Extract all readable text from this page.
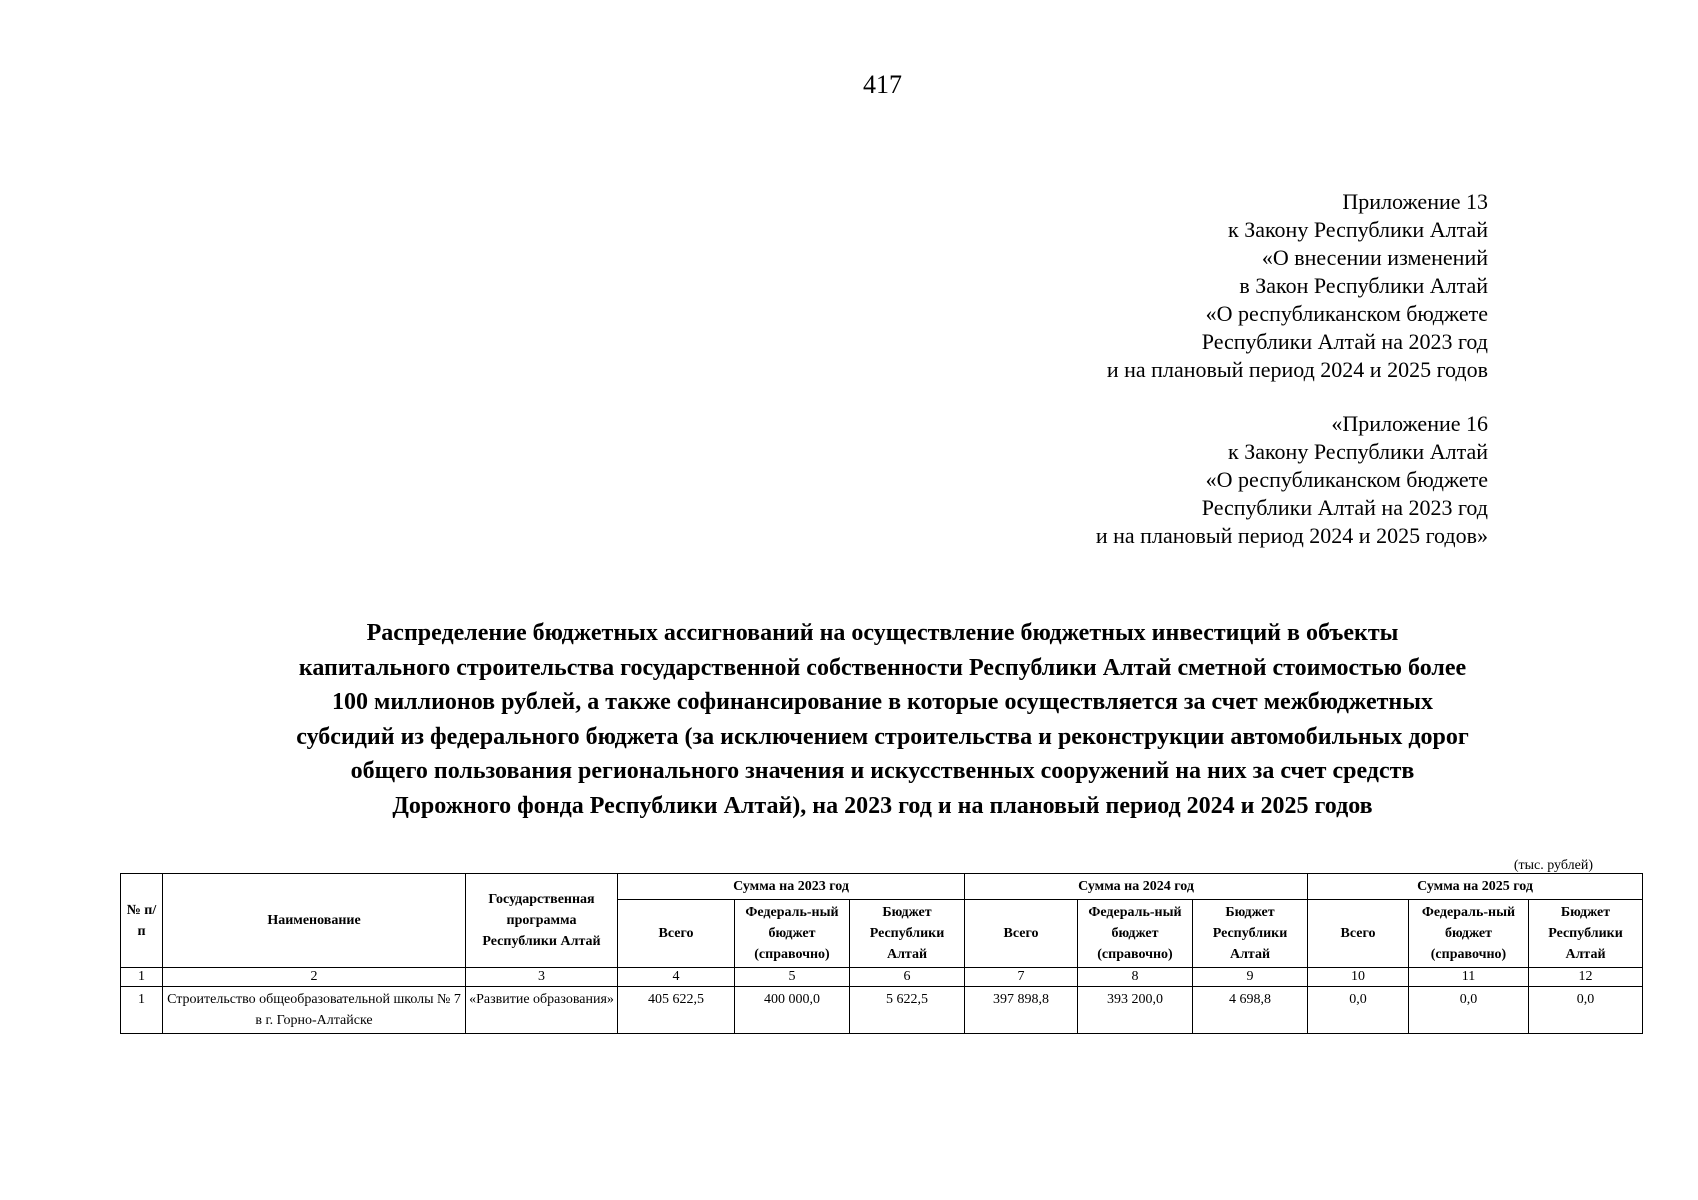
417
Приложение 13
к Закону Республики Алтай
«О внесении изменений
в Закон Республики Алтай
«О республиканском бюджете
Республики Алтай на 2023 год
и на плановый период 2024 и 2025 годов
«Приложение 16
к Закону Республики Алтай
«О республиканском бюджете
Республики Алтай на 2023 год
и на плановый период 2024 и 2025 годов»
Распределение бюджетных ассигнований на осуществление бюджетных инвестиций в объекты
капитального строительства государственной собственности Республики Алтай сметной стоимостью более
100 миллионов рублей, а также софинансирование в которые осуществляется за счет межбюджетных
субсидий из федерального бюджета (за исключением строительства и реконструкции автомобильных дорог
общего пользования регионального значения и искусственных сооружений на них за счет средств
Дорожного фонда Республики Алтай), на 2023 год и на плановый период 2024 и 2025 годов
(тыс. рублей)
№ п/ п	Наименование	Государственная программа Республики Алтай	Сумма на 2023 год			Сумма на 2024 год			Сумма на 2025 год		
			Всего	Федераль-ный бюджет (справочно)	Бюджет Республики Алтай	Всего	Федераль-ный бюджет (справочно)	Бюджет Республики Алтай	Всего	Федераль-ный бюджет (справочно)	Бюджет Республики Алтай
1	2	3	4	5	6	7	8	9	10	11	12
1	Строительство общеобразовательной школы № 7 в г. Горно-Алтайске	«Развитие образования»	405 622,5	400 000,0	5 622,5	397 898,8	393 200,0	4 698,8	0,0	0,0	0,0
